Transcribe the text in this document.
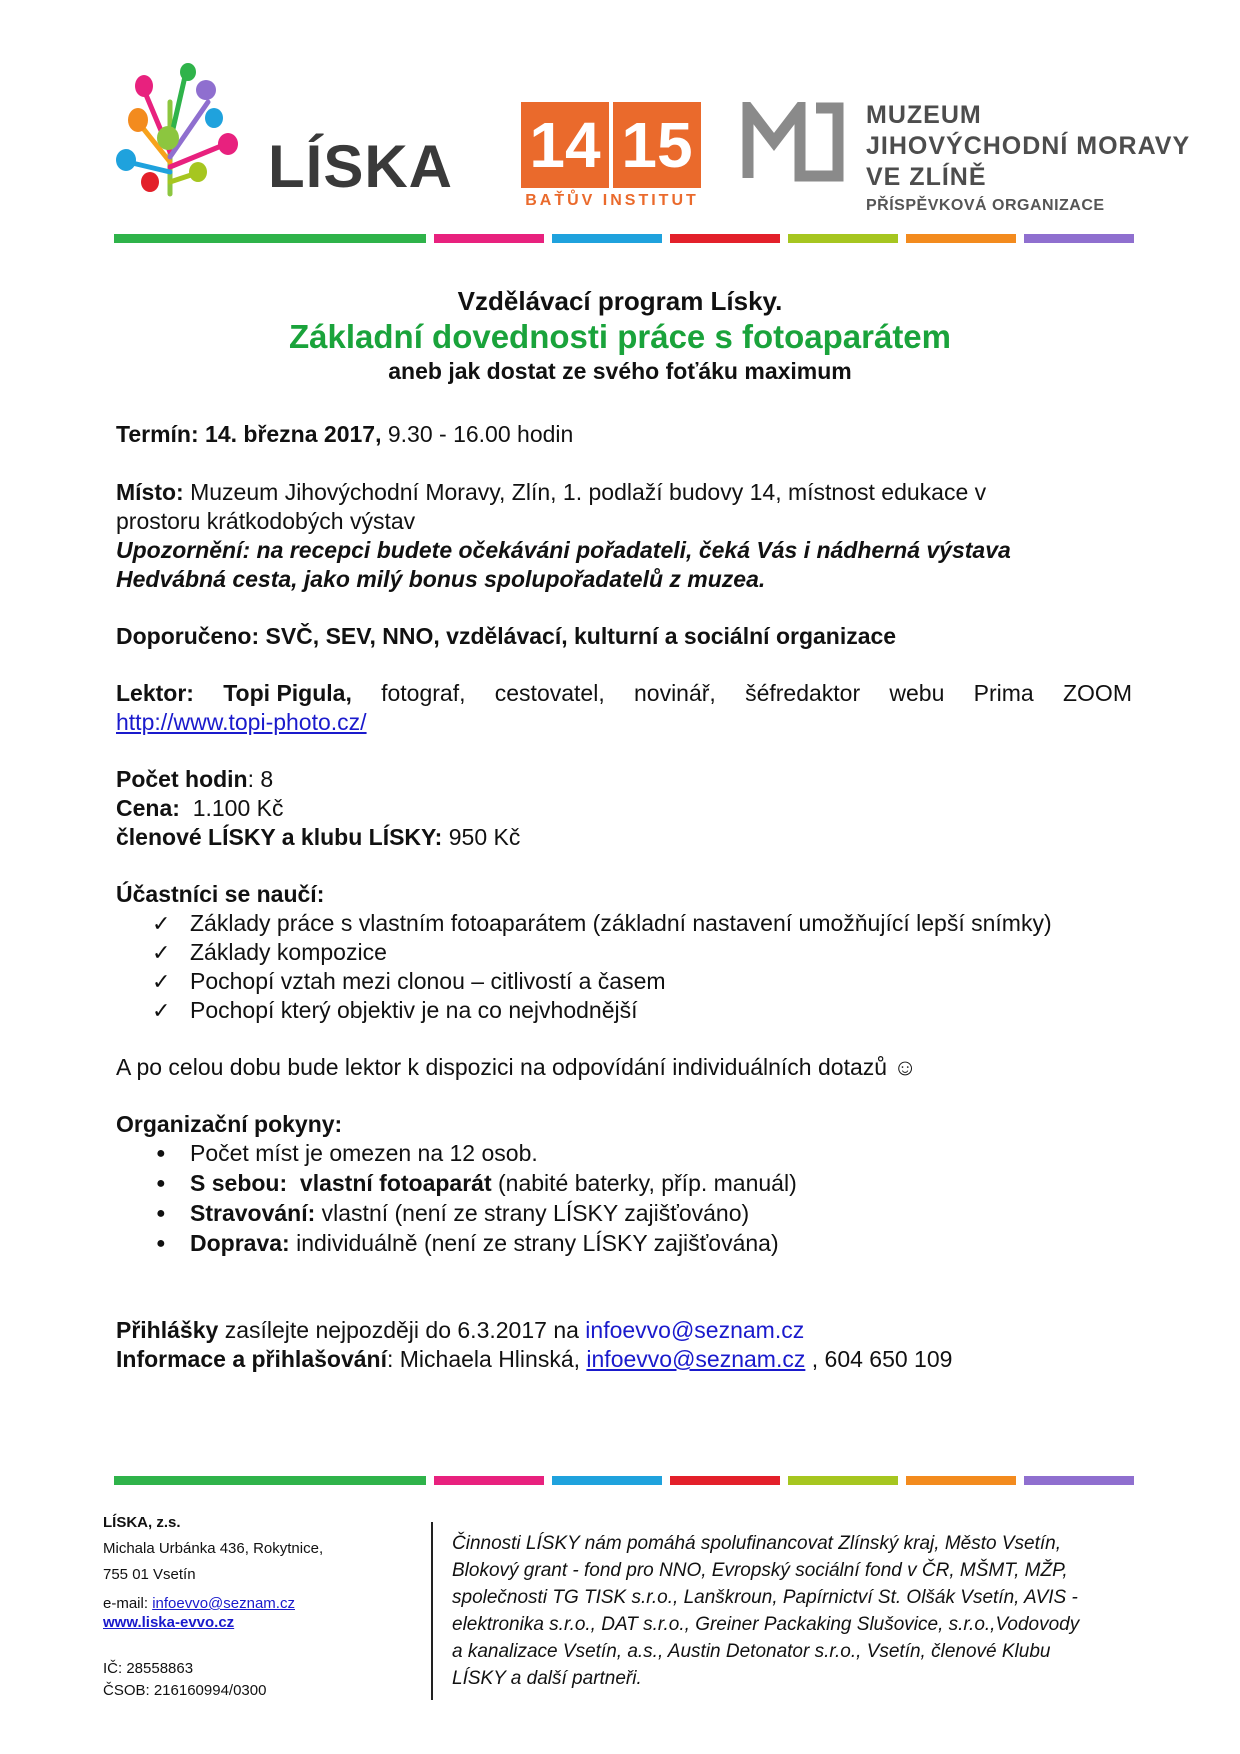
LÍSKA 14 15
BAŤŮV INSTITUT
MUZEUM
JIHOVÝCHODNÍ MORAVY
VE ZLÍNĚ
PŘÍSPĚVKOVÁ ORGANIZACE
Vzdělávací program Lísky.
Základní dovednosti práce s fotoaparátem
aneb jak dostat ze svého foťáku maximum
Termín: 14. března 2017, 9.30 - 16.00 hodin
Místo: Muzeum Jihovýchodní Moravy, Zlín, 1. podlaží budovy 14, místnost edukace v
prostoru krátkodobých výstav
Upozornění: na recepci budete očekáváni pořadateli, čeká Vás i nádherná výstava
Hedvábná cesta, jako milý bonus spolupořadatelů z muzea.
Doporučeno: SVČ, SEV, NNO, vzdělávací, kulturní a sociální organizace
Lektor: Topi Pigula, fotograf, cestovatel, novinář, šéfredaktor webu Prima ZOOM
http://www.topi-photo.cz/
Počet hodin: 8
Cena: 1.100 Kč
členové LÍSKY a klubu LÍSKY: 950 Kč
Účastníci se naučí:
✓ Základy práce s vlastním fotoaparátem (základní nastavení umožňující lepší snímky)
✓ Základy kompozice
✓ Pochopí vztah mezi clonou – citlivostí a časem
✓ Pochopí který objektiv je na co nejvhodnější
A po celou dobu bude lektor k dispozici na odpovídání individuálních dotazů ☺
Organizační pokyny:
● Počet míst je omezen na 12 osob.
● S sebou: vlastní fotoaparát (nabité baterky, příp. manuál)
● Stravování: vlastní (není ze strany LÍSKY zajišťováno)
● Doprava: individuálně (není ze strany LÍSKY zajišťována)
Přihlášky zasílejte nejpozději do 6.3.2017 na infoevvo@seznam.cz
Informace a přihlašování: Michaela Hlinská, infoevvo@seznam.cz , 604 650 109
LÍSKA, z.s.
Michala Urbánka 436, Rokytnice,
755 01 Vsetín
e-mail: infoevvo@seznam.cz
www.liska-evvo.cz
IČ: 28558863
ČSOB: 216160994/0300
Činnosti LÍSKY nám pomáhá spolufinancovat Zlínský kraj, Město Vsetín,
Blokový grant - fond pro NNO, Evropský sociální fond v ČR, MŠMT, MŽP,
společnosti TG TISK s.r.o., Lanškroun, Papírnictví St. Olšák Vsetín, AVIS -
elektronika s.r.o., DAT s.r.o., Greiner Packaking Slušovice, s.r.o.,Vodovody
a kanalizace Vsetín, a.s., Austin Detonator s.r.o., Vsetín, členové Klubu
LÍSKY a další partneři.
